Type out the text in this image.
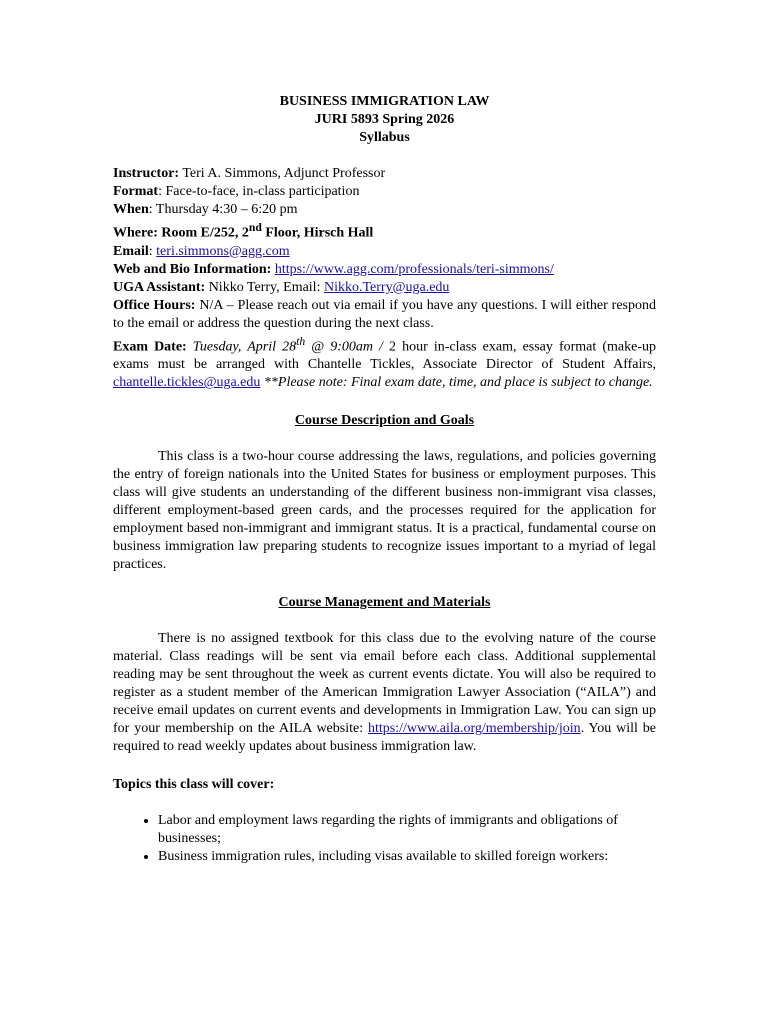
BUSINESS IMMIGRATION LAW
JURI 5893 Spring 2026
Syllabus
Instructor: Teri A. Simmons, Adjunct Professor
Format: Face-to-face, in-class participation
When: Thursday 4:30 – 6:20 pm
Where: Room E/252, 2nd Floor, Hirsch Hall
Email: teri.simmons@agg.com
Web and Bio Information: https://www.agg.com/professionals/teri-simmons/
UGA Assistant: Nikko Terry, Email: Nikko.Terry@uga.edu
Office Hours: N/A – Please reach out via email if you have any questions. I will either respond to the email or address the question during the next class.
Exam Date: Tuesday, April 28th @ 9:00am / 2 hour in-class exam, essay format (make-up exams must be arranged with Chantelle Tickles, Associate Director of Student Affairs, chantelle.tickles@uga.edu **Please note: Final exam date, time, and place is subject to change.
Course Description and Goals
This class is a two-hour course addressing the laws, regulations, and policies governing the entry of foreign nationals into the United States for business or employment purposes. This class will give students an understanding of the different business non-immigrant visa classes, different employment-based green cards, and the processes required for the application for employment based non-immigrant and immigrant status. It is a practical, fundamental course on business immigration law preparing students to recognize issues important to a myriad of legal practices.
Course Management and Materials
There is no assigned textbook for this class due to the evolving nature of the course material. Class readings will be sent via email before each class. Additional supplemental reading may be sent throughout the week as current events dictate. You will also be required to register as a student member of the American Immigration Lawyer Association (“AILA”) and receive email updates on current events and developments in Immigration Law. You can sign up for your membership on the AILA website: https://www.aila.org/membership/join. You will be required to read weekly updates about business immigration law.
Topics this class will cover:
• Labor and employment laws regarding the rights of immigrants and obligations of businesses;
• Business immigration rules, including visas available to skilled foreign workers:
